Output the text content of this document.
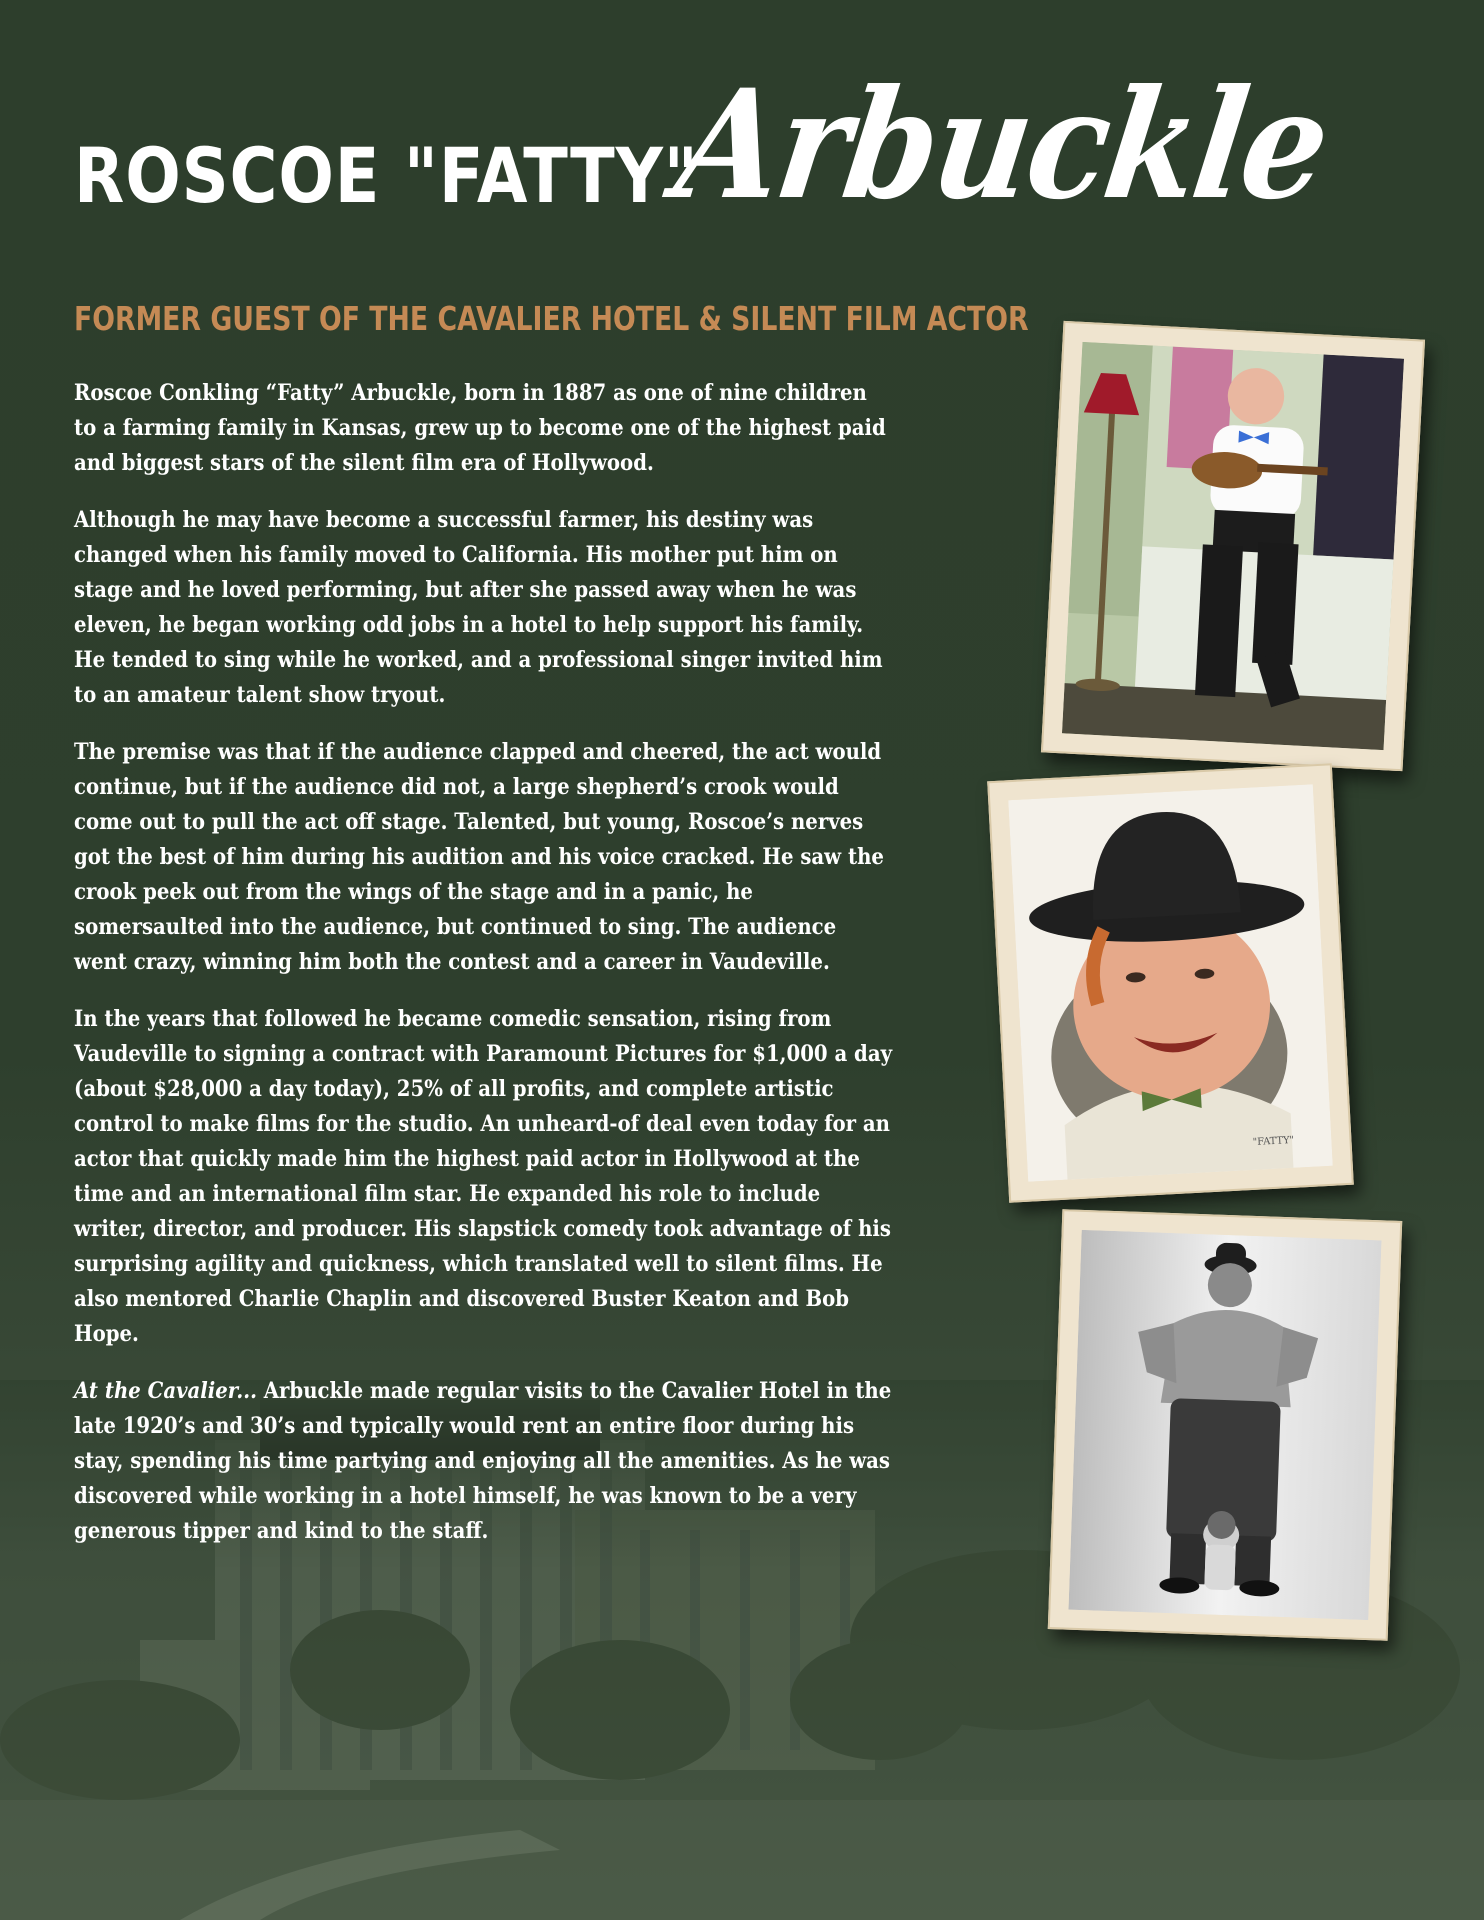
ROSCOE "FATTY"
Arbuckle
FORMER GUEST OF THE CAVALIER HOTEL & SILENT FILM ACTOR

Roscoe Conkling “Fatty” Arbuckle, born in 1887 as one of nine children to a farming family in Kansas, grew up to become one of the highest paid and biggest stars of the silent film era of Hollywood.

Although he may have become a successful farmer, his destiny was changed when his family moved to California. His mother put him on stage and he loved performing, but after she passed away when he was eleven, he began working odd jobs in a hotel to help support his family. He tended to sing while he worked, and a professional singer invited him to an amateur talent show tryout.

The premise was that if the audience clapped and cheered, the act would continue, but if the audience did not, a large shepherd’s crook would come out to pull the act off stage. Talented, but young, Roscoe’s nerves got the best of him during his audition and his voice cracked. He saw the crook peek out from the wings of the stage and in a panic, he somersaulted into the audience, but continued to sing. The audience went crazy, winning him both the contest and a career in Vaudeville.

In the years that followed he became comedic sensation, rising from Vaudeville to signing a contract with Paramount Pictures for $1,000 a day (about $28,000 a day today), 25% of all profits, and complete artistic control to make films for the studio. An unheard-of deal even today for an actor that quickly made him the highest paid actor in Hollywood at the time and an international film star. He expanded his role to include writer, director, and producer. His slapstick comedy took advantage of his surprising agility and quickness, which translated well to silent films. He also mentored Charlie Chaplin and discovered Buster Keaton and Bob Hope.

At the Cavalier... Arbuckle made regular visits to the Cavalier Hotel in the late 1920’s and 30’s and typically would rent an entire floor during his stay, spending his time partying and enjoying all the amenities. As he was discovered while working in a hotel himself, he was known to be a very generous tipper and kind to the staff.

"FATTY"
